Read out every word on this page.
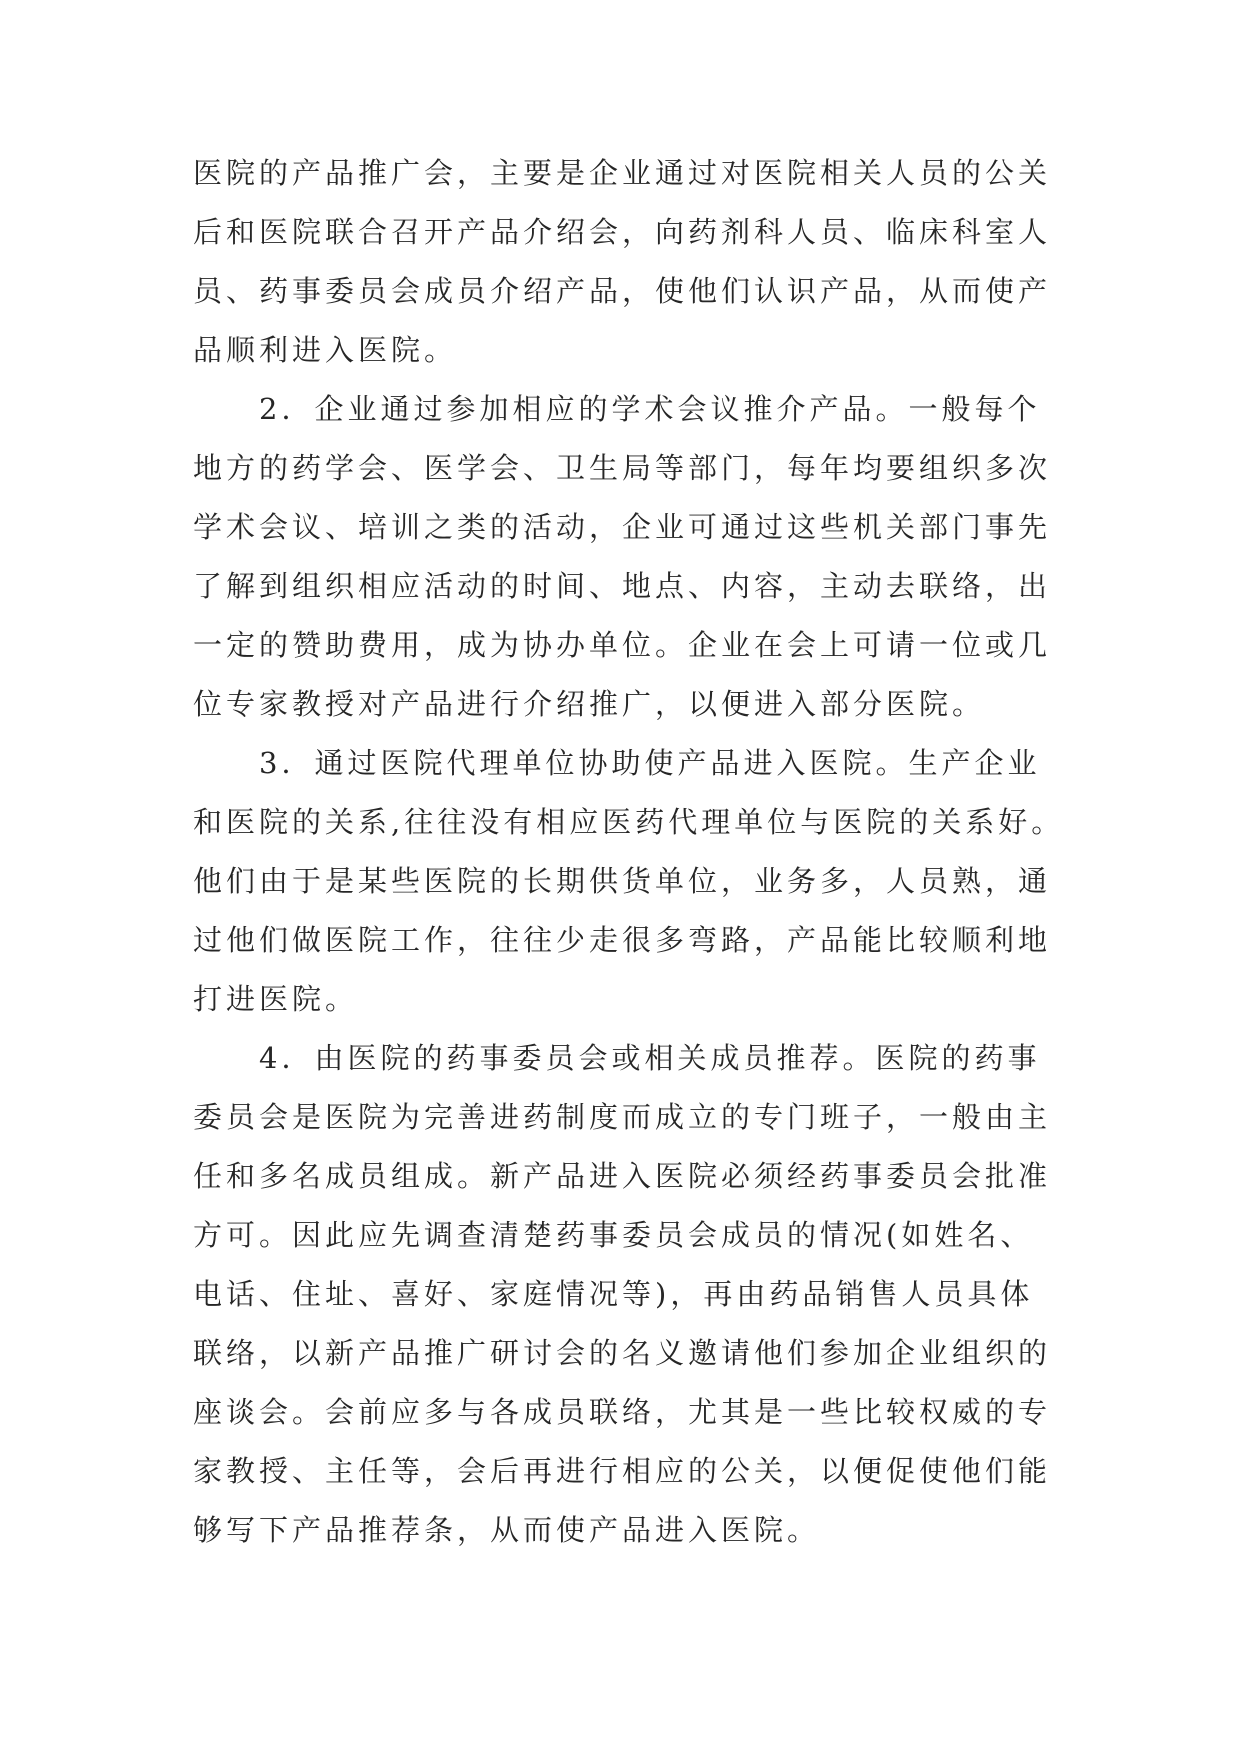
医院的产品推广会，主要是企业通过对医院相关人员的公关
后和医院联合召开产品介绍会，向药剂科人员、临床科室人
员、药事委员会成员介绍产品，使他们认识产品，从而使产
品顺利进入医院。
2．企业通过参加相应的学术会议推介产品。一般每个
地方的药学会、医学会、卫生局等部门，每年均要组织多次
学术会议、培训之类的活动，企业可通过这些机关部门事先
了解到组织相应活动的时间、地点、内容，主动去联络，出
一定的赞助费用，成为协办单位。企业在会上可请一位或几
位专家教授对产品进行介绍推广，以便进入部分医院。
3．通过医院代理单位协助使产品进入医院。生产企业
和医院的关系,往往没有相应医药代理单位与医院的关系好。
他们由于是某些医院的长期供货单位，业务多，人员熟，通
过他们做医院工作，往往少走很多弯路，产品能比较顺利地
打进医院。
4．由医院的药事委员会或相关成员推荐。医院的药事
委员会是医院为完善进药制度而成立的专门班子，一般由主
任和多名成员组成。新产品进入医院必须经药事委员会批准
方可。因此应先调查清楚药事委员会成员的情况(如姓名、
电话、住址、喜好、家庭情况等)，再由药品销售人员具体
联络，以新产品推广研讨会的名义邀请他们参加企业组织的
座谈会。会前应多与各成员联络，尤其是一些比较权威的专
家教授、主任等，会后再进行相应的公关，以便促使他们能
够写下产品推荐条，从而使产品进入医院。
